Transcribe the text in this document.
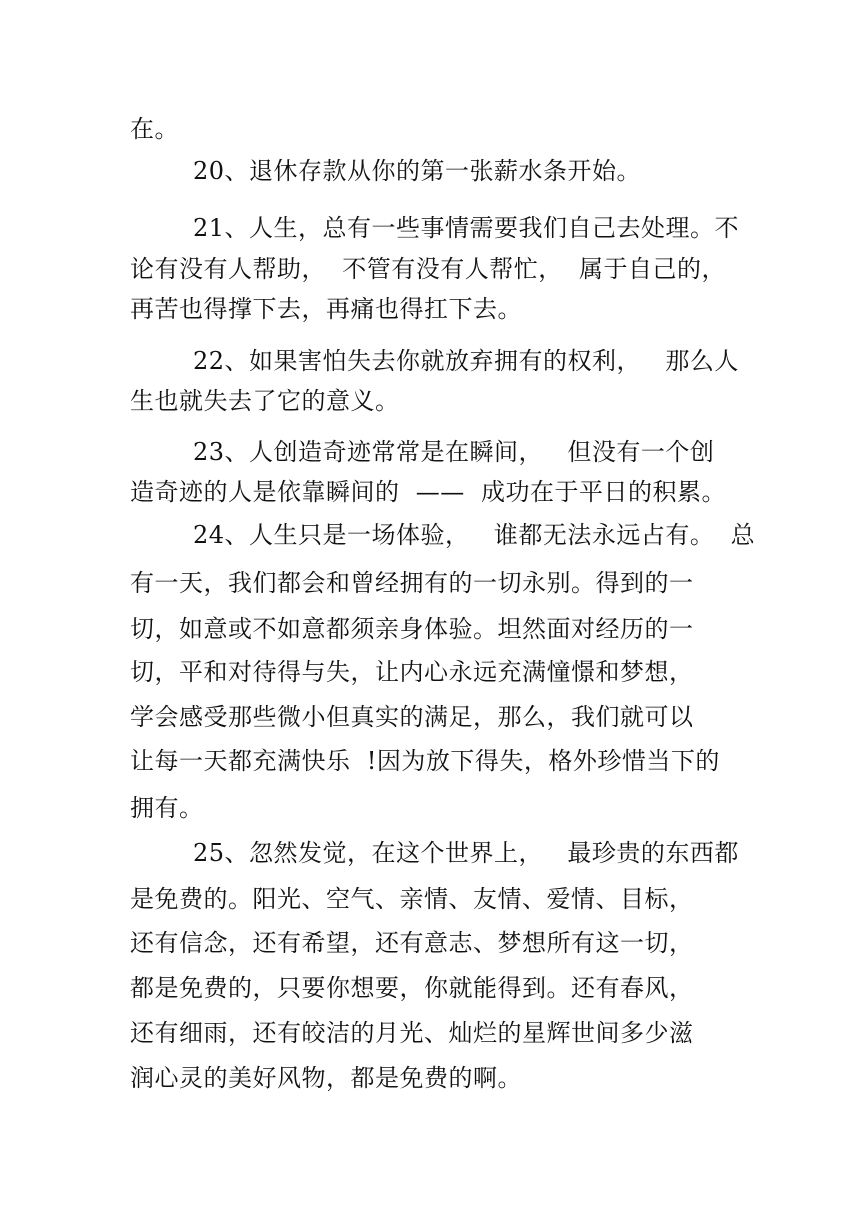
在。
20、退休存款从你的第一张薪水条开始。
21、人生，总有一些事情需要我们自己去处理。不
论有没有人帮助，  不管有没有人帮忙，  属于自己的，
再苦也得撑下去，再痛也得扛下去。
22、如果害怕失去你就放弃拥有的权利，   那么人
生也就失去了它的意义。
23、人创造奇迹常常是在瞬间，   但没有一个创
造奇迹的人是依靠瞬间的  ——  成功在于平日的积累。
24、人生只是一场体验，   谁都无法永远占有。  总
有一天，我们都会和曾经拥有的一切永别。得到的一
切，如意或不如意都须亲身体验。坦然面对经历的一
切，平和对待得与失，让内心永远充满憧憬和梦想，
学会感受那些微小但真实的满足，那么，我们就可以
让每一天都充满快乐  !因为放下得失，格外珍惜当下的
拥有。
25、忽然发觉，在这个世界上，   最珍贵的东西都
是免费的。阳光、空气、亲情、友情、爱情、目标，
还有信念，还有希望，还有意志、梦想所有这一切，
都是免费的，只要你想要，你就能得到。还有春风，
还有细雨，还有皎洁的月光、灿烂的星辉世间多少滋
润心灵的美好风物，都是免费的啊。
